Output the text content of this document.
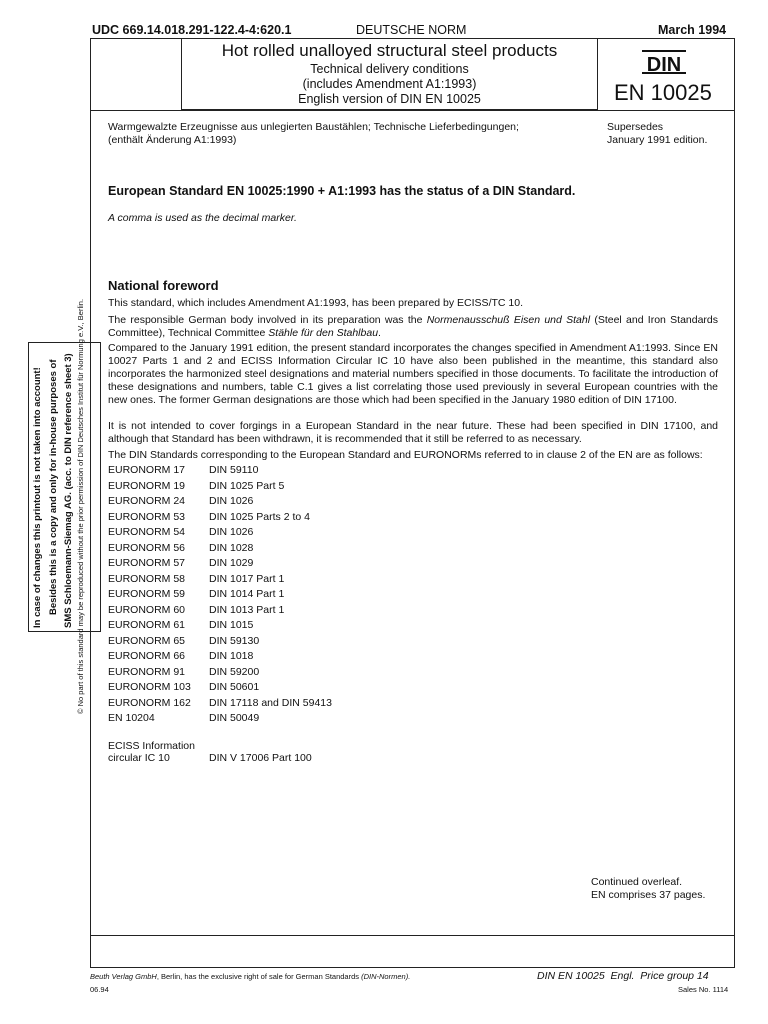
UDC 669.14.018.291-122.4-4:620.1	DEUTSCHE NORM	March 1994
Hot rolled unalloyed structural steel products
Technical delivery conditions
(includes Amendment A1:1993)
English version of DIN EN 10025
DIN
EN 10025
Warmgewalzte Erzeugnisse aus unlegierten Baustählen; Technische Lieferbedingungen;
(enthält Änderung A1:1993)
Supersedes
January 1991 edition.
European Standard EN 10025:1990 + A1:1993 has the status of a DIN Standard.
A comma is used as the decimal marker.
National foreword
This standard, which includes Amendment A1:1993, has been prepared by ECISS/TC 10.
The responsible German body involved in its preparation was the Normenausschuß Eisen und Stahl (Steel and Iron Standards Committee), Technical Committee Stähle für den Stahlbau.
Compared to the January 1991 edition, the present standard incorporates the changes specified in Amendment A1:1993. Since EN 10027 Parts 1 and 2 and ECISS Information Circular IC 10 have also been published in the meantime, this standard also incorporates the harmonized steel designations and material numbers specified in those documents. To facilitate the introduction of these designations and numbers, table C.1 gives a list correlating those used previously in several European countries with the new ones. The former German designations are those which had been specified in the January 1980 edition of DIN 17100.
It is not intended to cover forgings in a European Standard in the near future. These had been specified in DIN 17100, and although that Standard has been withdrawn, it is recommended that it still be referred to as necessary.
The DIN Standards corresponding to the European Standard and EURONORMs referred to in clause 2 of the EN are as follows:
EURONORM 17 DIN 59110
EURONORM 19 DIN 1025 Part 5
EURONORM 24 DIN 1026
EURONORM 53 DIN 1025 Parts 2 to 4
EURONORM 54 DIN 1026
EURONORM 56 DIN 1028
EURONORM 57 DIN 1029
EURONORM 58 DIN 1017 Part 1
EURONORM 59 DIN 1014 Part 1
EURONORM 60 DIN 1013 Part 1
EURONORM 61 DIN 1015
EURONORM 65 DIN 59130
EURONORM 66 DIN 1018
EURONORM 91 DIN 59200
EURONORM 103 DIN 50601
EURONORM 162 DIN 17118 and DIN 59413
EN 10204	DIN 50049
ECISS Information
circular IC 10	DIN V 17006 Part 100
Continued overleaf.
EN comprises 37 pages.
Beuth Verlag GmbH, Berlin, has the exclusive right of sale for German Standards (DIN-Normen).
06.94
DIN EN 10025  Engl.  Price group 14
Sales No. 1114
In case of changes this printout is not taken into account! Besides this is a copy and only for in-house purposes of SMS Schloemann-Siemag AG. (acc. to DIN reference sheet 3) © No part of this standard may be reproduced without the prior permission of DIN Deutsches Institut für Normung e.V., Berlin.
